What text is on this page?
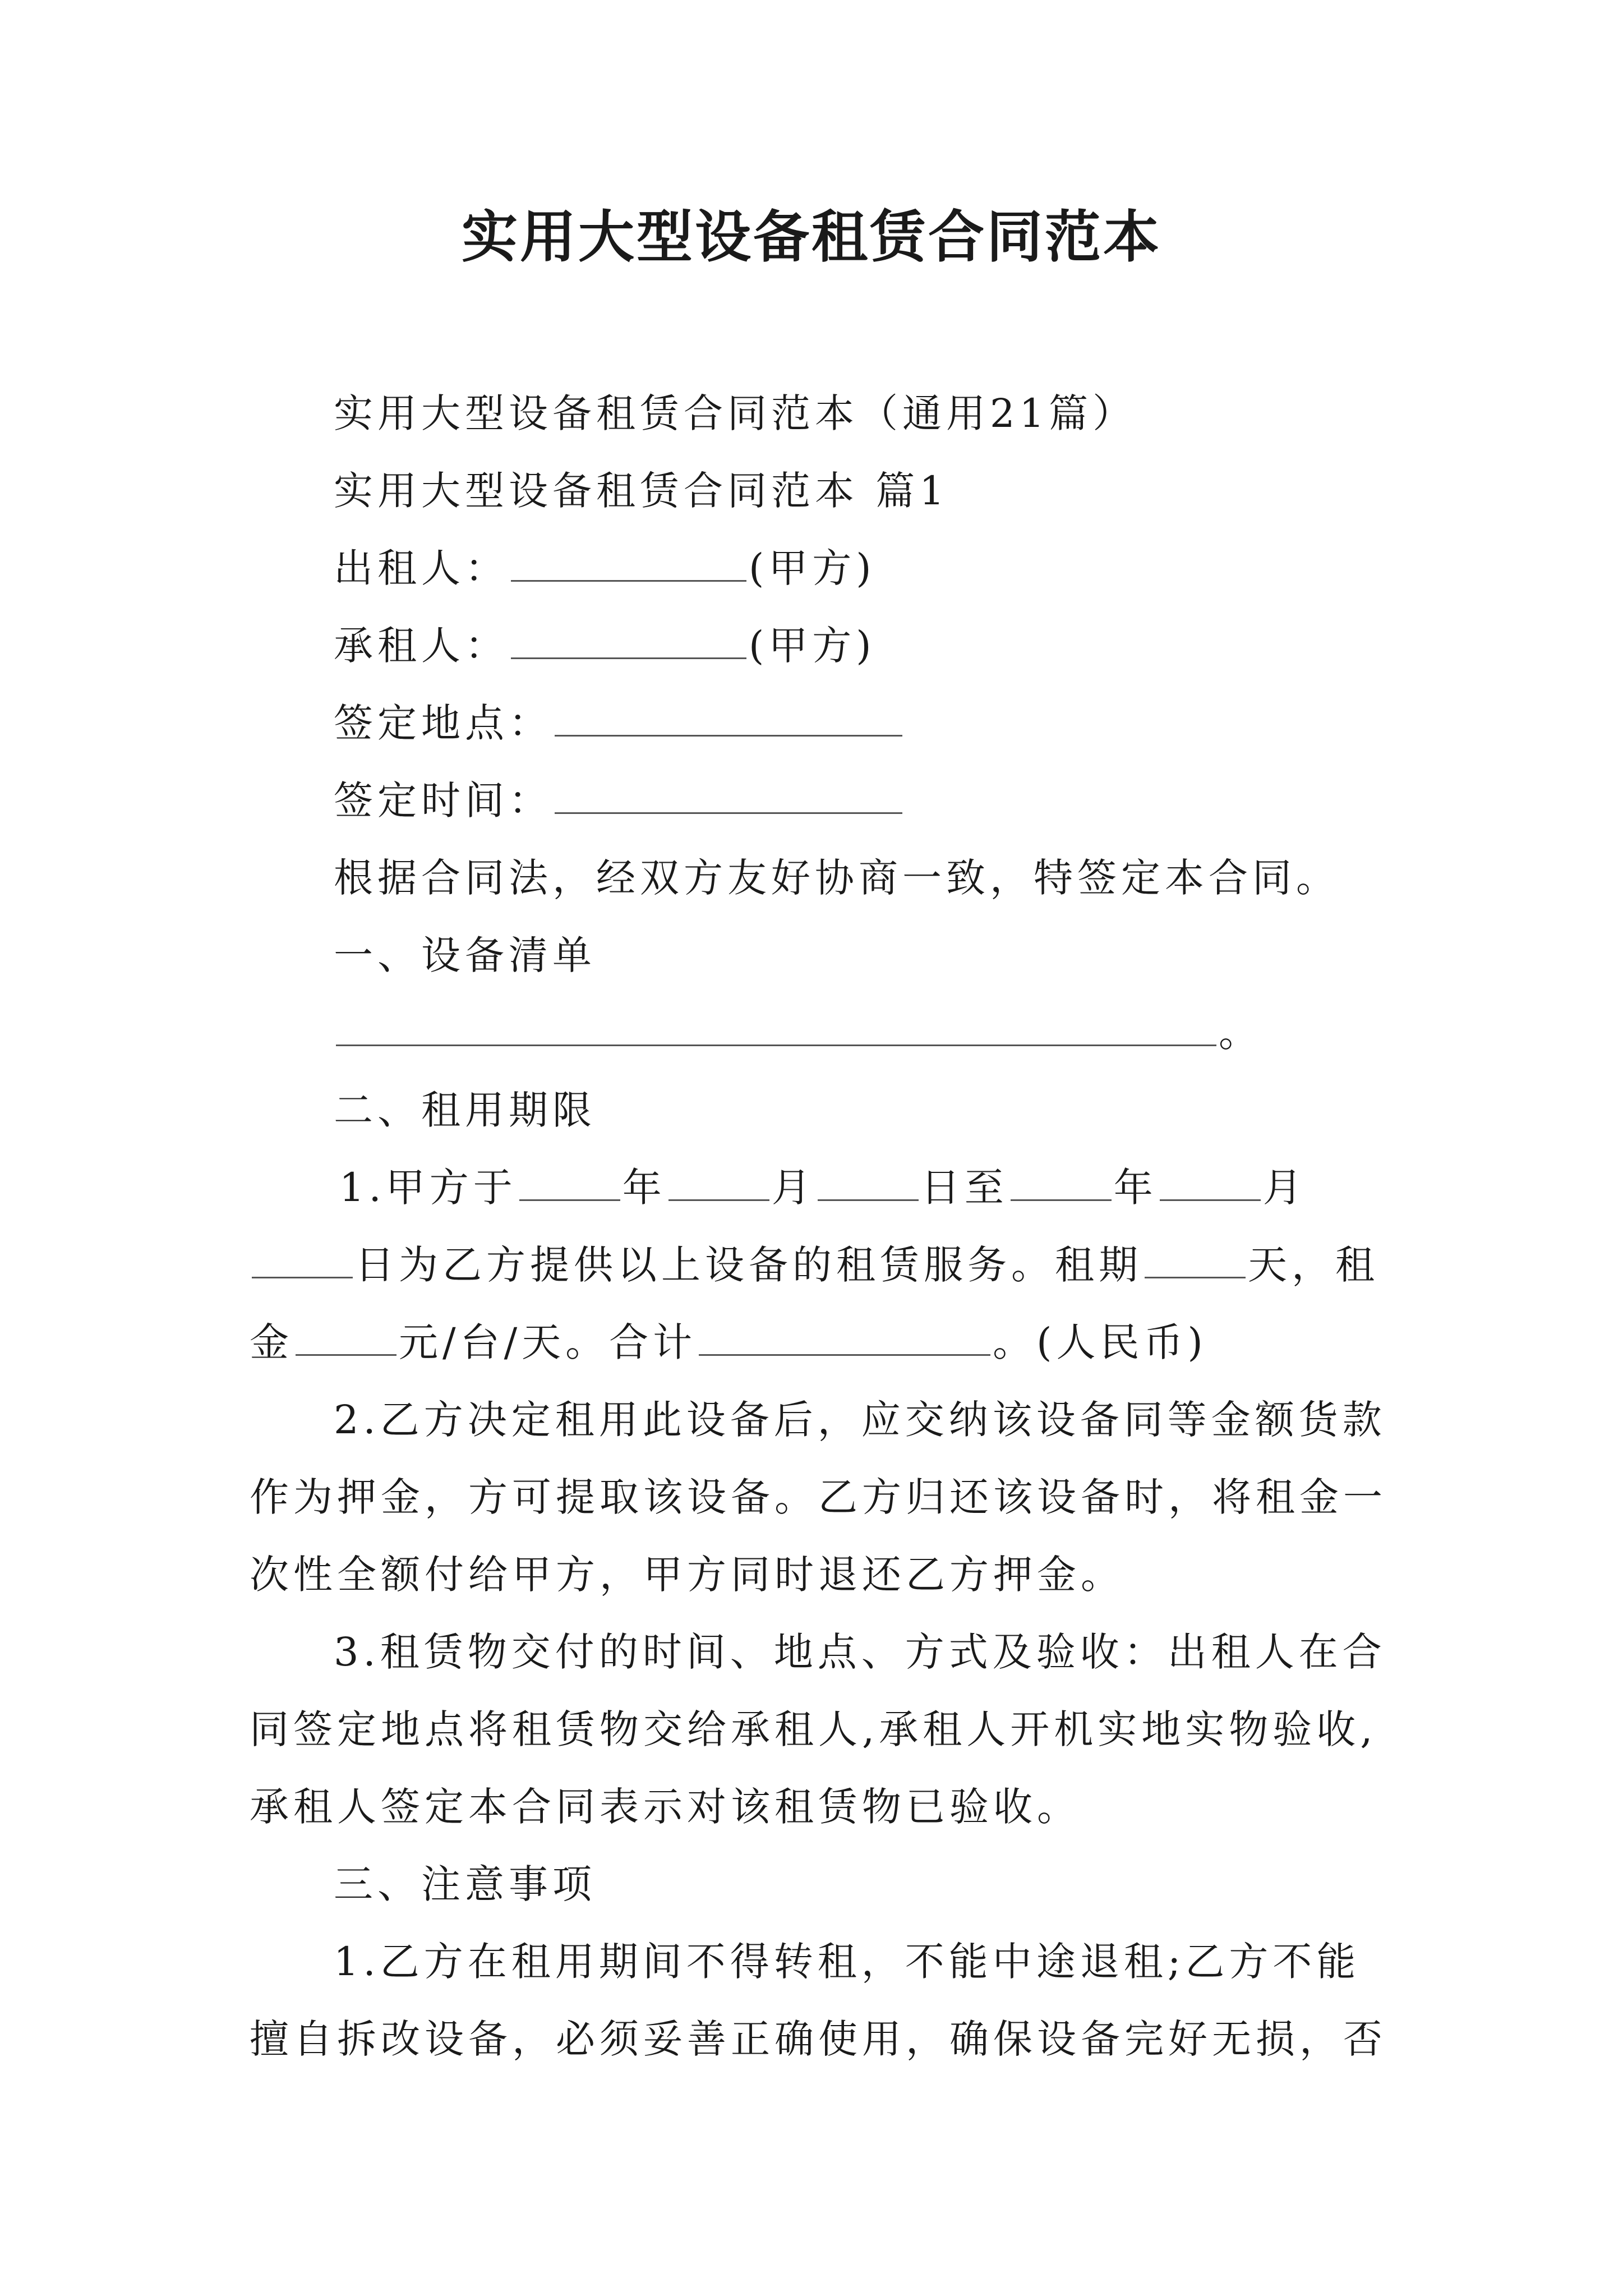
实用大型设备租赁合同范本
实用大型设备租赁合同范本（通用21篇）
实用大型设备租赁合同范本 篇1
出租人：	(甲方)
承租人：	(甲方)
签定地点：
签定时间：
根据合同法，经双方友好协商一致，特签定本合同。
一、设备清单
。
二、租用期限
1.甲方于	年	月	日至	年	月
日为乙方提供以上设备的租赁服务。租期	天，租
金	元/台/天。合计	。(人民币)
2.乙方决定租用此设备后，应交纳该设备同等金额货款
作为押金，方可提取该设备。乙方归还该设备时，将租金一
次性全额付给甲方，甲方同时退还乙方押金。
3.租赁物交付的时间、地点、方式及验收：出租人在合
同签定地点将租赁物交给承租人,承租人开机实地实物验收,
承租人签定本合同表示对该租赁物已验收。
三、注意事项
1.乙方在租用期间不得转租，不能中途退租;乙方不能
擅自拆改设备，必须妥善正确使用，确保设备完好无损，否
